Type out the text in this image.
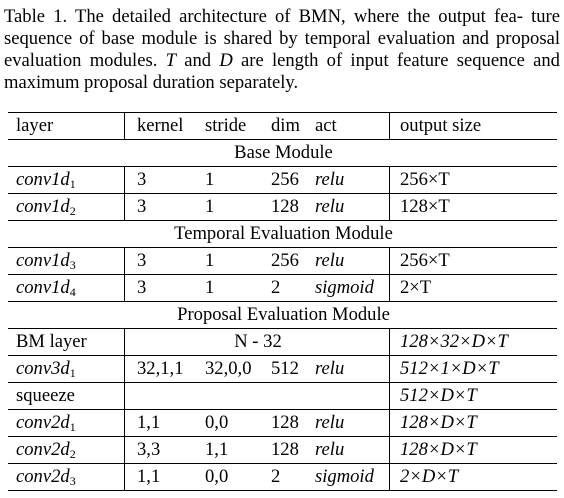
Table 1. The detailed architecture of BMN, where the output fea- ture sequence of base module is shared by temporal evaluation and proposal evaluation modules. T and D are length of input feature sequence and maximum proposal duration separately.
layer	kernel	stride	dim	act	output size
Base Module					
$conv1d_1$	3	1	256	relu	256×T
$conv1d_2$	3	1	128	relu	128×T
Temporal Evaluation Module					
$conv1d_3$	3	1	256	relu	256×T
$conv1d_4$	3	1	2	sigmoid	2×T
Proposal Evaluation Module					
BM layer	N - 32				128×32×D×T
$conv3d_1$	32,1,1	32,0,0	512	relu	512×1×D×T
squeeze					512×D×T
$conv2d_1$	1,1	0,0	128	relu	128×D×T
$conv2d_2$	3,3	1,1	128	relu	128×D×T
$conv2d_3$	1,1	0,0	2	sigmoid	2×D×T
